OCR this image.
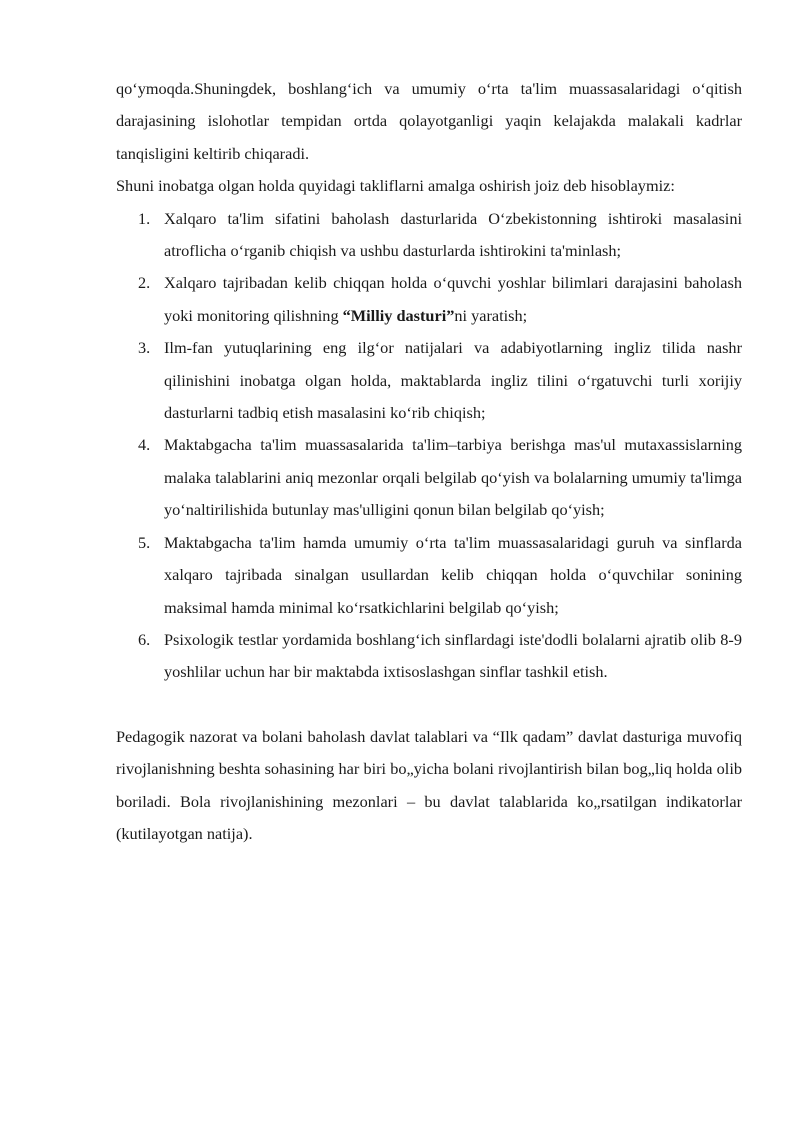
qo‘ymoqda.Shuningdek, boshlang‘ich va umumiy o‘rta ta'lim muassasalaridagi o‘qitish darajasining islohotlar tempidan ortda qolayotganligi yaqin kelajakda malakali kadrlar tanqisligini keltirib chiqaradi.

Shuni inobatga olgan holda quyidagi takliflarni amalga oshirish joiz deb hisoblaymiz:

1. Xalqaro ta'lim sifatini baholash dasturlarida O‘zbekistonning ishtiroki masalasini atroflicha o‘rganib chiqish va ushbu dasturlarda ishtirokini ta'minlash;
2. Xalqaro tajribadan kelib chiqqan holda o‘quvchi yoshlar bilimlari darajasini baholash yoki monitoring qilishning “Milliy dasturi”ni yaratish;
3. Ilm-fan yutuqlarining eng ilg‘or natijalari va adabiyotlarning ingliz tilida nashr qilinishini inobatga olgan holda, maktablarda ingliz tilini o‘rgatuvchi turli xorijiy dasturlarni tadbiq etish masalasini ko‘rib chiqish;
4. Maktabgacha ta'lim muassasalarida ta'lim–tarbiya berishga mas'ul mutaxassislarning malaka talablarini aniq mezonlar orqali belgilab qo‘yish va bolalarning umumiy ta'limga yo‘naltirilishida butunlay mas'ulligini qonun bilan belgilab qo‘yish;
5. Maktabgacha ta'lim hamda umumiy o‘rta ta'lim muassasalaridagi guruh va sinflarda xalqaro tajribada sinalgan usullardan kelib chiqqan holda o‘quvchilar sonining maksimal hamda minimal ko‘rsatkichlarini belgilab qo‘yish;
6. Psixologik testlar yordamida boshlang‘ich sinflardagi iste'dodli bolalarni ajratib olib 8-9 yoshlilar uchun har bir maktabda ixtisoslashgan sinflar tashkil etish.

Pedagogik nazorat va bolani baholash davlat talablari va “Ilk qadam” davlat dasturiga muvofiq rivojlanishning beshta sohasining har biri bo„yicha bolani rivojlantirish bilan bog„liq holda olib boriladi. Bola rivojlanishining mezonlari – bu davlat talablarida ko„rsatilgan indikatorlar (kutilayotgan natija).
